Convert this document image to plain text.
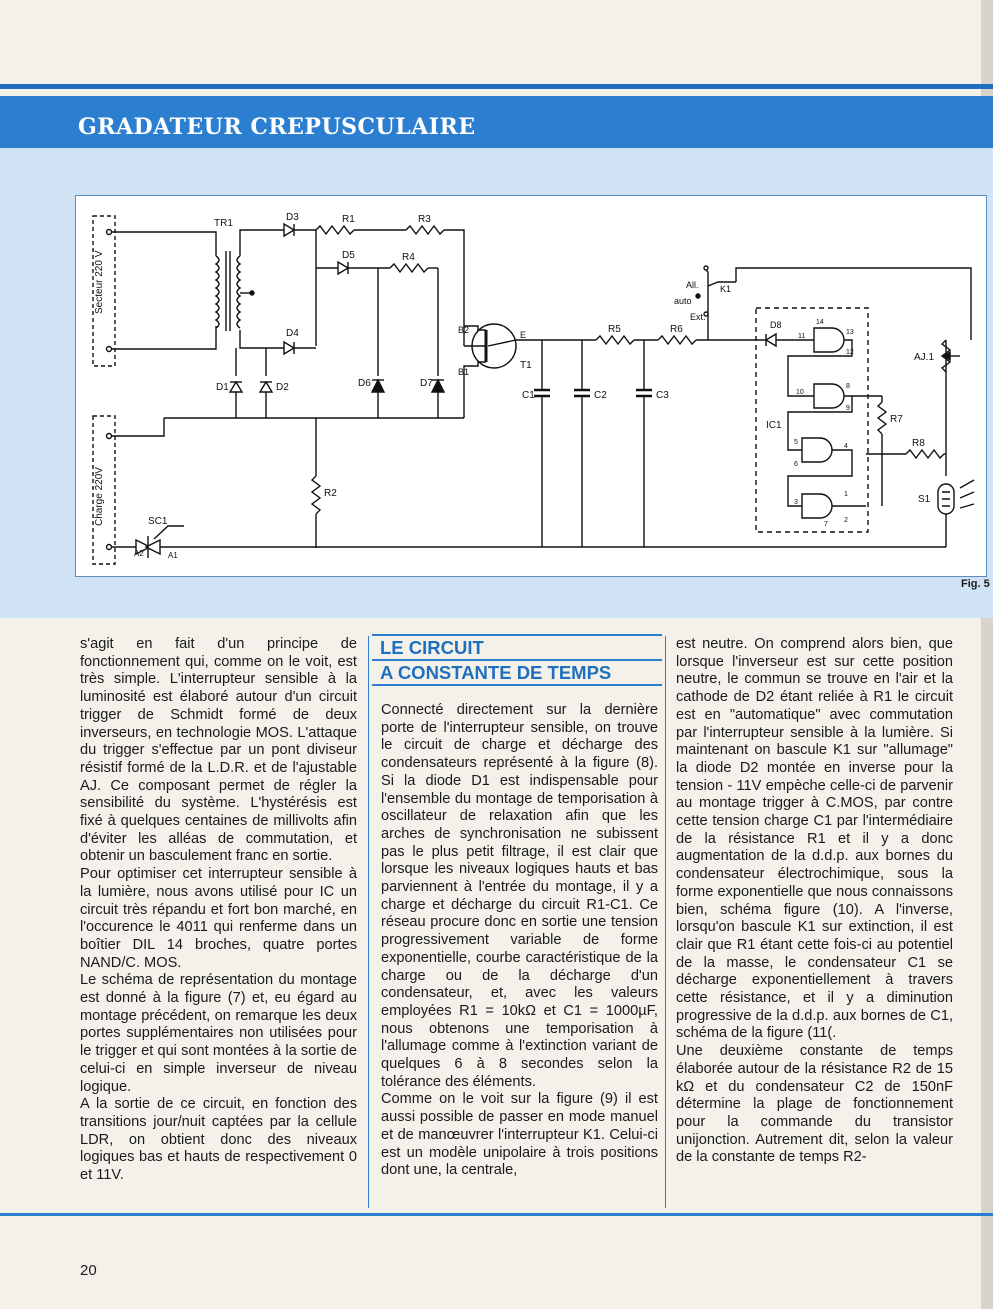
GRADATEUR CREPUSCULAIRE
Secteur 220 V
Charge 220V
TR1
D3	R1	R3
D5	R4
D4
D1	D2	D6	D7
R2
SC1
A2	A1
B2
B1
E
T1
R5	R6
C1	C2	C3
All. K1
auto
Ext.
IC1
D8	14
11
13
12
10
8
9
5
4
6
3
1
7
2
R7
R8
AJ.1
S1
Fig. 5

s'agit en fait d'un principe de fonctionnement qui, comme on le voit, est très simple. L'interrupteur sensible à la luminosité est élaboré autour d'un circuit trigger de Schmidt formé de deux inverseurs, en technologie MOS. L'attaque du trigger s'effectue par un pont diviseur résistif formé de la L.D.R. et de l'ajustable AJ. Ce composant permet de régler la sensibilité du système. L'hystérésis est fixé à quelques centaines de millivolts afin d'éviter les alléas de commutation, et obtenir un basculement franc en sortie.

Pour optimiser cet interrupteur sensible à la lumière, nous avons utilisé pour IC un circuit très répandu et fort bon marché, en l'occurence le 4011 qui renferme dans un boîtier DIL 14 broches, quatre portes NAND/C. MOS.

Le schéma de représentation du montage est donné à la figure (7) et, eu égard au montage précédent, on remarque les deux portes supplémentaires non utilisées pour le trigger et qui sont montées à la sortie de celui-ci en simple inverseur de niveau logique.

A la sortie de ce circuit, en fonction des transitions jour/nuit captées par la cellule LDR, on obtient donc des niveaux logiques bas et hauts de respectivement 0 et 11V.

LE CIRCUIT
A CONSTANTE DE TEMPS

Connecté directement sur la dernière porte de l'interrupteur sensible, on trouve le circuit de charge et décharge des condensateurs représenté à la figure (8). Si la diode D1 est indispensable pour l'ensemble du montage de temporisation à oscillateur de relaxation afin que les arches de synchronisation ne subissent pas le plus petit filtrage, il est clair que lorsque les niveaux logiques hauts et bas parviennent à l'entrée du montage, il y a charge et décharge du circuit R1-C1. Ce réseau procure donc en sortie une tension progressivement variable de forme exponentielle, courbe caractéristique de la charge ou de la décharge d'un condensateur, et, avec les valeurs employées R1 = 10kΩ et C1 = 1000µF, nous obtenons une temporisation à l'allumage comme à l'extinction variant de quelques 6 à 8 secondes selon la tolérance des éléments.

Comme on le voit sur la figure (9) il est aussi possible de passer en mode manuel et de manœuvrer l'interrupteur K1. Celui-ci est un modèle unipolaire à trois positions dont une, la centrale,

est neutre. On comprend alors bien, que lorsque l'inverseur est sur cette position neutre, le commun se trouve en l'air et la cathode de D2 étant reliée à R1 le circuit est en "automatique" avec commutation par l'interrupteur sensible à la lumière. Si maintenant on bascule K1 sur "allumage" la diode D2 montée en inverse pour la tension - 11V empèche celle-ci de parvenir au montage trigger à C.MOS, par contre cette tension charge C1 par l'intermédiaire de la résistance R1 et il y a donc augmentation de la d.d.p. aux bornes du condensateur électrochimique, sous la forme exponentielle que nous connaissons bien, schéma figure (10). A l'inverse, lorsqu'on bascule K1 sur extinction, il est clair que R1 étant cette fois-ci au potentiel de la masse, le condensateur C1 se décharge exponentiellement à travers cette résistance, et il y a diminution progressive de la d.d.p. aux bornes de C1, schéma de la figure (11(.

Une deuxième constante de temps élaborée autour de la résistance R2 de 15 kΩ et du condensateur C2 de 150nF détermine la plage de fonctionnement pour la commande du transistor unijonction. Autrement dit, selon la valeur de la constante de temps R2-

20
